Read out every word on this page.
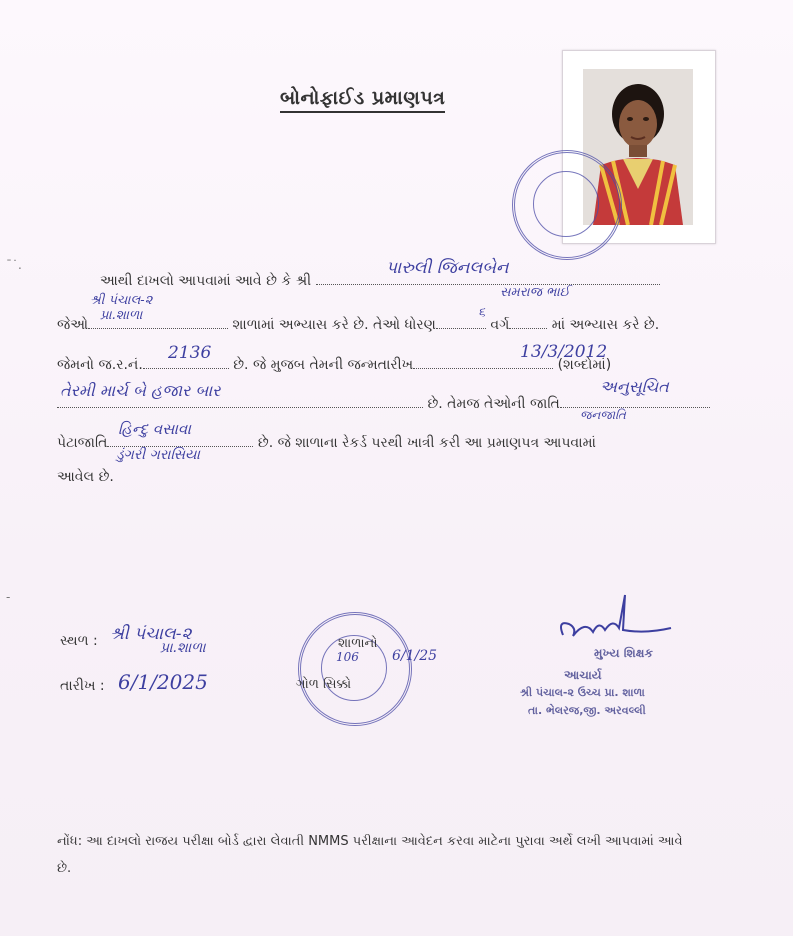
ˉ˙.
-
બોનોફાઈડ પ્રમાણપત્ર
આથી દાખલો આપવામાં આવે છે કે શ્રી
પારુલી જિનલબેન
સમરાજ ભાઈ
જેઓ	શાળામાં અભ્યાસ કરે છે. તેઓ ધોરણ	વર્ગ	માં અભ્યાસ કરે છે.
શ્રી પંચાલ-૨
પ્રા.શાળા	૬
જેમનો જ.ર.નં.	છે. જે મુજબ તેમની જન્મતારીખ	(શબ્દોમાં)
2136	13/3/2012
છે. તેમજ તેઓની જાતિ
તેરમી માર્ચ બે હજાર બાર	અનુસૂચિત
જનજાતિ
પેટાજાતિ	છે. જે શાળાના રેકર્ડ પરથી ખાત્રી કરી આ પ્રમાણપત્ર આપવામાં
હિન્દુ વસાવા
ડુંગરી ગરાસિયા
આવેલ છે.
સ્થળ : શ્રી પંચાલ-૨
પ્રા.શાળા
તારીખ : 6/1/2025
શાળાનો
106 6/1/25
ગોળ સિક્કો
મુખ્ય શિક્ષક
આચાર્ય
શ્રી પંચાલ-૨ ઉચ્ચ પ્રા. શાળા
તા. ભેલરજ,જી. અરવલ્લી
નોંધ: આ દાખલો રાજય પરીક્ષા બોર્ડ દ્વારા લેવાતી NMMS પરીક્ષાના આવેદન કરવા માટેના પુરાવા અર્થે લખી આપવામાં આવે છે.
